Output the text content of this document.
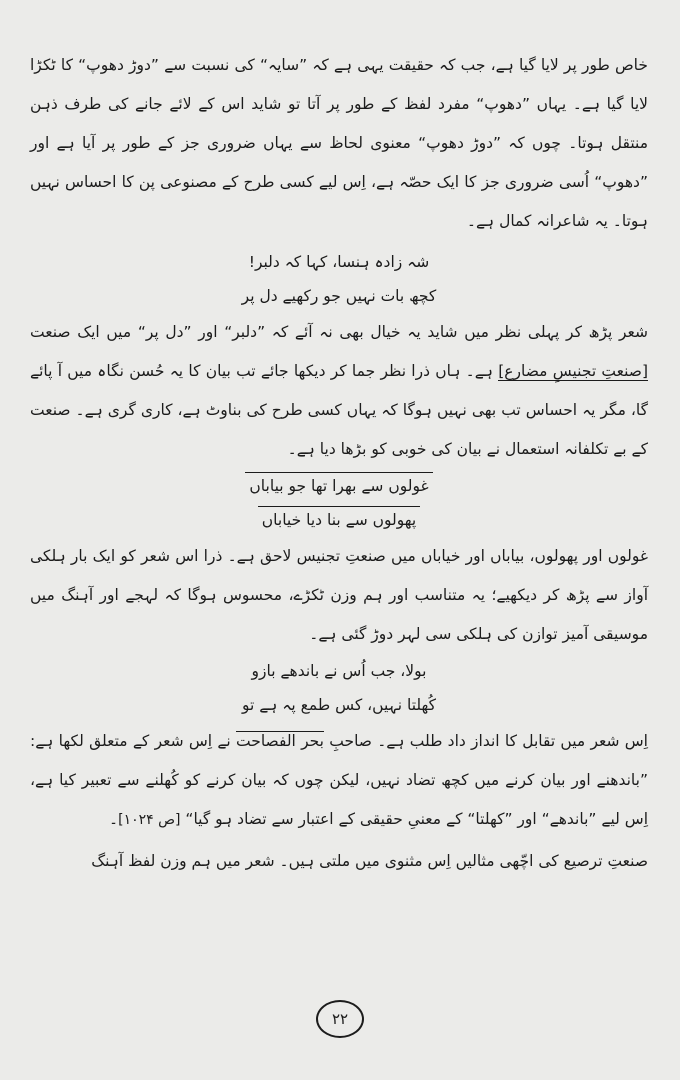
خاص طور پر لایا گیا ہے، جب کہ حقیقت یہی ہے کہ ”سایہ“ کی نسبت سے ”دوڑ دھوپ“ کا ٹکڑا لایا گیا ہے۔ یہاں ”دھوپ“ مفرد لفظ کے طور پر آتا تو شاید اس کے لائے جانے کی طرف ذہن منتقل ہوتا۔ چوں کہ ”دوڑ دھوپ“ معنوی لحاظ سے یہاں ضروری جز کے طور پر آیا ہے اور ”دھوپ“ اُسی ضروری جز کا ایک حصّہ ہے، اِس لیے کسی طرح کے مصنوعی پن کا احساس نہیں ہوتا۔ یہ شاعرانہ کمال ہے۔

شہ زادہ ہنسا، کہا کہ دلبر!
کچھ بات نہیں جو رکھیے دل پر

شعر پڑھ کر پہلی نظر میں شاید یہ خیال بھی نہ آئے کہ ”دلبر“ اور ”دل پر“ میں ایک صنعت [صنعتِ تجنیسِ مضارع] ہے۔ ہاں ذرا نظر جما کر دیکھا جائے تب بیان کا یہ حُسن نگاہ میں آ پائے گا، مگر یہ احساس تب بھی نہیں ہوگا کہ یہاں کسی طرح کی بناوٹ ہے، کاری گری ہے۔ صنعت کے بے تکلفانہ استعمال نے بیان کی خوبی کو بڑھا دیا ہے۔

غولوں سے بھرا تھا جو بیاباں
پھولوں سے بنا دیا خیاباں

غولوں اور پھولوں، بیاباں اور خیاباں میں صنعتِ تجنیس لاحق ہے۔ ذرا اس شعر کو ایک بار ہلکی آواز سے پڑھ کر دیکھیے؛ یہ متناسب اور ہم وزن ٹکڑے، محسوس ہوگا کہ لہجے اور آہنگ میں موسیقی آمیز توازن کی ہلکی سی لہر دوڑ گئی ہے۔

بولا، جب اُس نے باندھے بازو
کُھلتا نہیں، کس طمع پہ ہے تو

اِس شعر میں تقابل کا انداز داد طلب ہے۔ صاحبِ بحر الفصاحت نے اِس شعر کے متعلق لکھا ہے: ”باندھنے اور بیان کرنے میں کچھ تضاد نہیں، لیکن چوں کہ بیان کرنے کو کُھلنے سے تعبیر کیا ہے، اِس لیے ”باندھے“ اور ”کھلتا“ کے معنیِ حقیقی کے اعتبار سے تضاد ہو گیا“ [ص ۱۰۲۴]۔

صنعتِ ترصیع کی اچّھی مثالیں اِس مثنوی میں ملتی ہیں۔ شعر میں ہم وزن لفظ آہنگ

۲۲
